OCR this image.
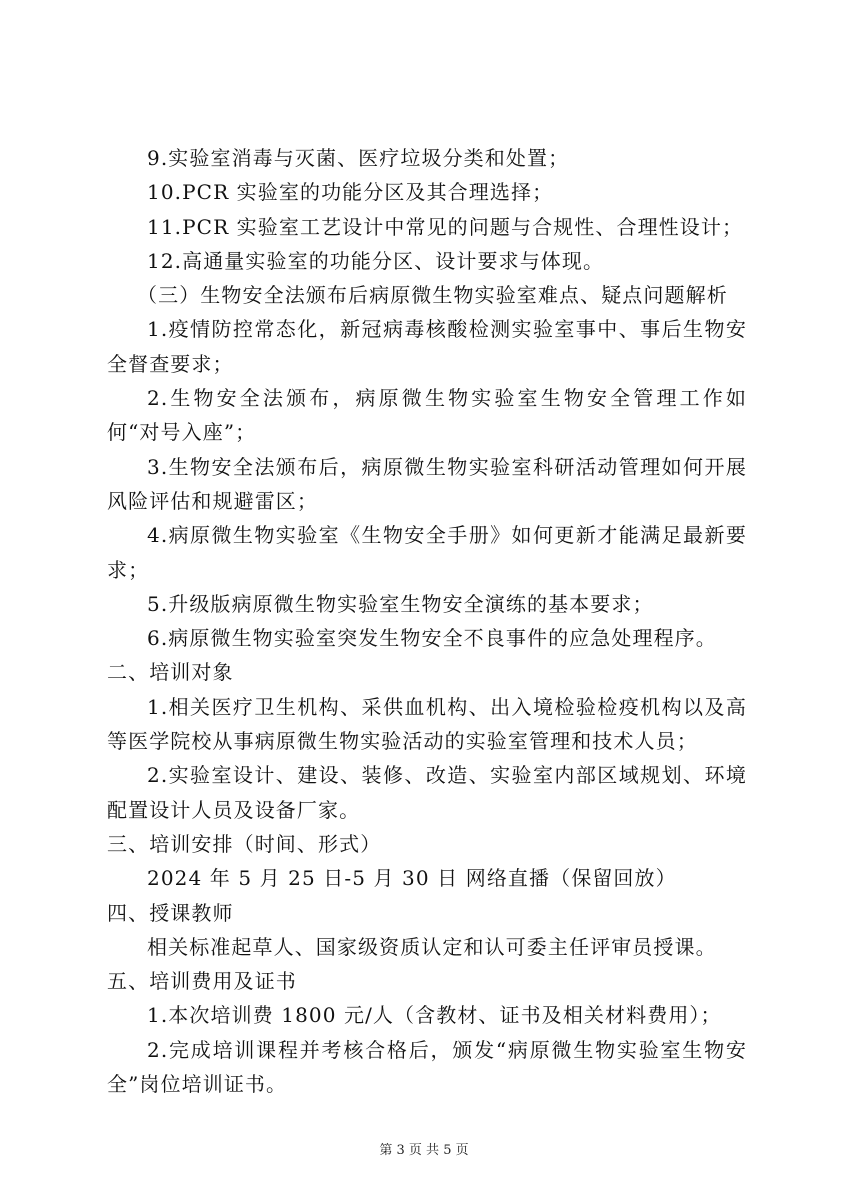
9.实验室消毒与灭菌、医疗垃圾分类和处置；
10.PCR 实验室的功能分区及其合理选择；
11.PCR 实验室工艺设计中常见的问题与合规性、合理性设计；
12.高通量实验室的功能分区、设计要求与体现。
（三）生物安全法颁布后病原微生物实验室难点、疑点问题解析
1.疫情防控常态化，新冠病毒核酸检测实验室事中、事后生物安全督查要求；
2.生物安全法颁布，病原微生物实验室生物安全管理工作如何“对号入座”；
3.生物安全法颁布后，病原微生物实验室科研活动管理如何开展风险评估和规避雷区；
4.病原微生物实验室《生物安全手册》如何更新才能满足最新要求；
5.升级版病原微生物实验室生物安全演练的基本要求；
6.病原微生物实验室突发生物安全不良事件的应急处理程序。
二、培训对象
1.相关医疗卫生机构、采供血机构、出入境检验检疫机构以及高等医学院校从事病原微生物实验活动的实验室管理和技术人员；
2.实验室设计、建设、装修、改造、实验室内部区域规划、环境配置设计人员及设备厂家。
三、培训安排（时间、形式）
2024 年 5 月 25 日-5 月 30 日 网络直播（保留回放）
四、授课教师
相关标准起草人、国家级资质认定和认可委主任评审员授课。
五、培训费用及证书
1.本次培训费 1800 元/人（含教材、证书及相关材料费用）；
2.完成培训课程并考核合格后，颁发“病原微生物实验室生物安全”岗位培训证书。
第 3 页 共 5 页
